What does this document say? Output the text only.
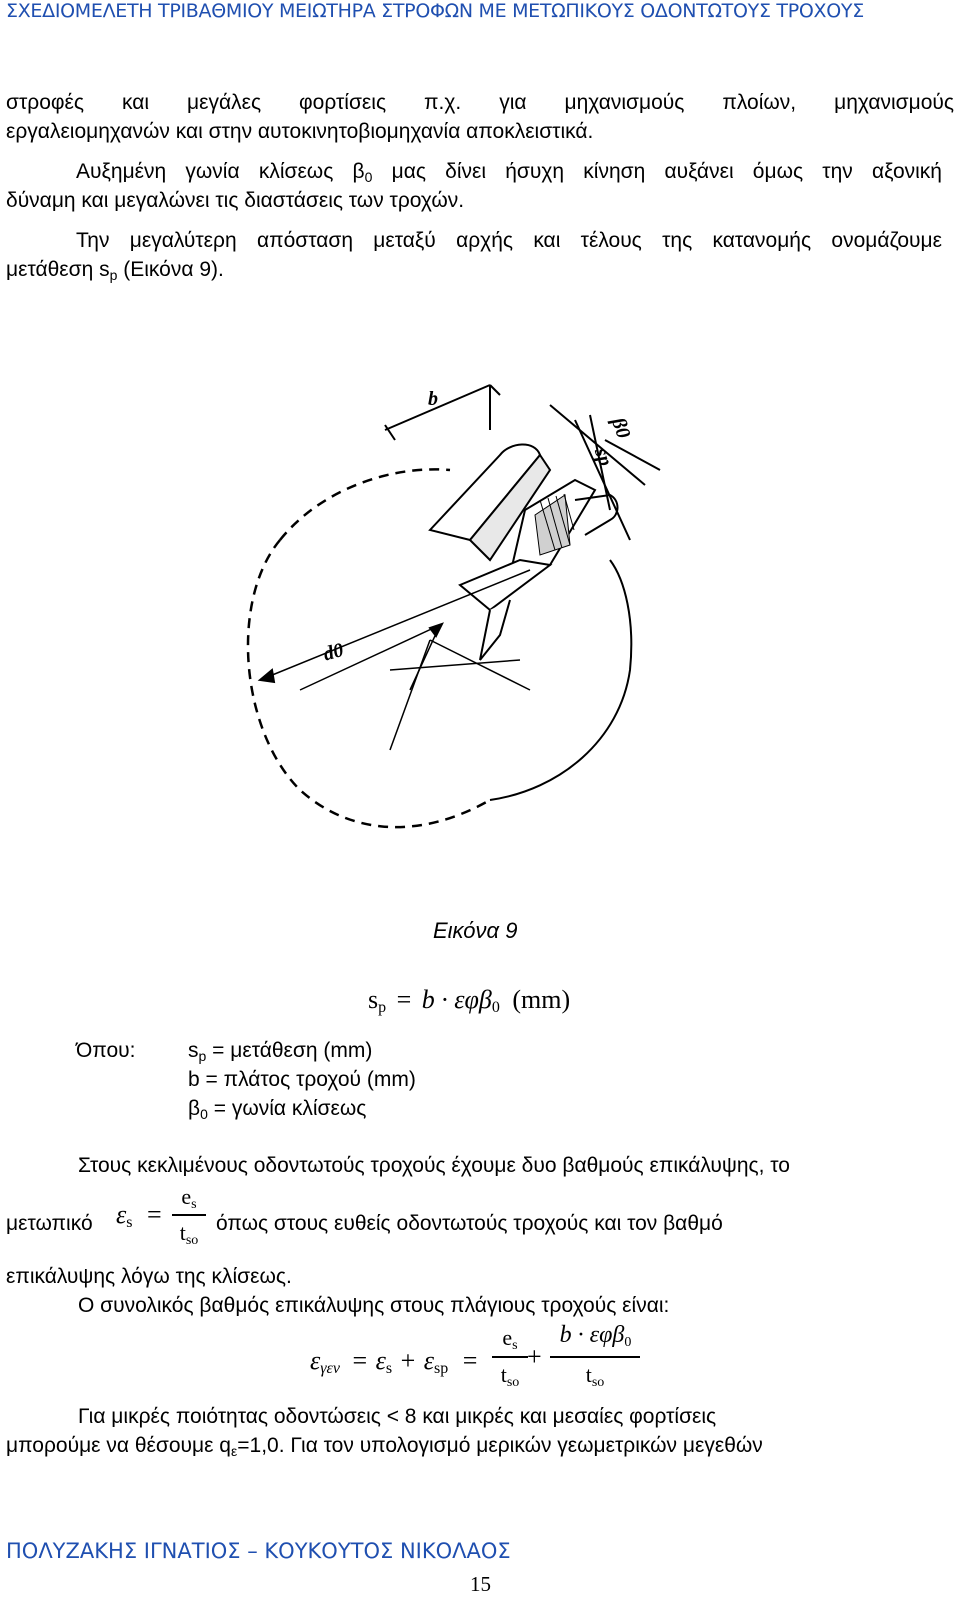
ΣΧΕΔΙΟΜΕΛΕΤΗ ΤΡΙΒΑΘΜΙΟΥ ΜΕΙΩΤΗΡΑ ΣΤΡΟΦΩΝ ΜΕ ΜΕΤΩΠΙΚΟΥΣ ΟΔΟΝΤΩΤΟΥΣ ΤΡΟΧΟΥΣ
στροφές και μεγάλες φορτίσεις π.χ. για μηχανισμούς πλοίων, μηχανισμούς
εργαλειομηχανών και στην αυτοκινητοβιομηχανία αποκλειστικά.
Αυξημένη γωνία κλίσεως $\beta_0$ μας δίνει ήσυχη κίνηση αυξάνει όμως την αξονική
δύναμη και μεγαλώνει τις διαστάσεις των τροχών.
Την μεγαλύτερη απόσταση μεταξύ αρχής και τέλους της κατανομής ονομάζουμε
μετάθεση $s_p$ (Εικόνα 9).
b
β0
sp
d0
Εικόνα 9
$s_p = b \cdot \varepsilon\varphi\beta_0$ (mm)
Όπου:	$s_p = \mu\varepsilon\tau ά\theta\varepsilon\sigma\eta$ (mm)
b = πλάτος τροχού (mm)
$\beta_0 = \gamma\omega\nu ί\alpha$ κλίσεως
Στους κεκλιμένους οδοντωτούς τροχούς έχουμε δυο βαθμούς επικάλυψης, το
μετωπικό $\varepsilon_s$ =
$e_s$
$t_{so}$
όπως στους ευθείς οδοντωτούς τροχούς και τον βαθμό
επικάλυψης λόγω της κλίσεως.
Ο συνολικός βαθμός επικάλυψης στους πλάγιους τροχούς είναι:
$\varepsilon_{\gamma\varepsilon\nu} = \varepsilon_s + \varepsilon_{sp}$ =
$e_s$
$t_{so}$
+
b · εφβ$_0$
$t_{so}$
Για μικρές ποιότητας οδοντώσεις < 8 και μικρές και μεσαίες φορτίσεις
μπορούμε να θέσουμε $q_\varepsilon=1,0$. Για τον υπολογισμό μερικών γεωμετρικών μεγεθών
ΠΟΛΥΖΑΚΗΣ ΙΓΝΑΤΙΟΣ – ΚΟΥΚΟΥΤΟΣ ΝΙΚΟΛΑΟΣ
15
